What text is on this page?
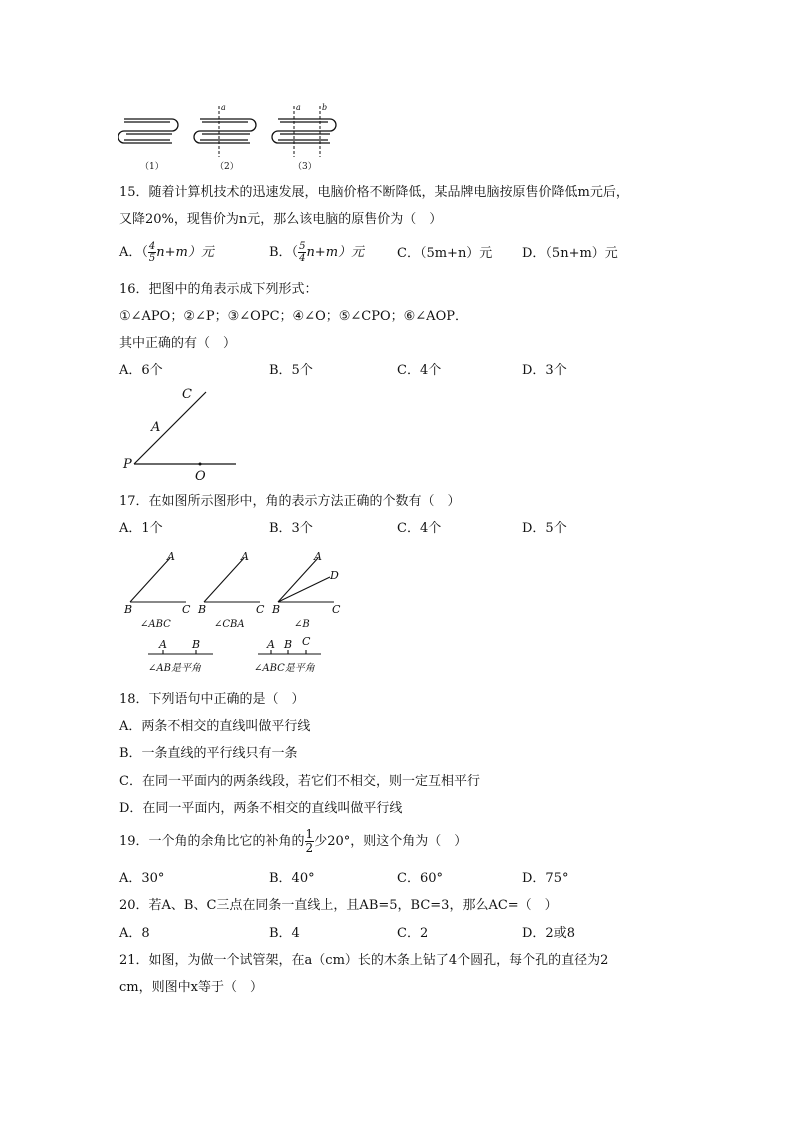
a	a	b
（1）	（2）	（3）
15．随着计算机技术的迅速发展，电脑价格不断降低，某品牌电脑按原售价降低m元后，
又降20%，现售价为n元，那么该电脑的原售价为（　）
A．（ $\frac{4}{5} n+m$）元	B．（ $\frac{5}{4} n+m$）元	C．（5m+n）元 D．（5n+m）元
16．把图中的角表示成下列形式：
①∠APO；②∠P；③∠OPC；④∠O；⑤∠CPO；⑥∠AOP．
其中正确的有（　）
A．6个	B．5个	C．4个	D．3个
C
A
P
O
17．在如图所示图形中，角的表示方法正确的个数有（　）
A．1个	B．3个	C．4个	D．5个
A
B	C
A
B	C
A
D
B	C
A B	A B C
∠ABC	∠CBA	∠B
∠AB是平角	∠ABC是平角
18．下列语句中正确的是（　）
A．两条不相交的直线叫做平行线
B．一条直线的平行线只有一条
C．在同一平面内的两条线段，若它们不相交，则一定互相平行
D．在同一平面内，两条不相交的直线叫做平行线
19．一个角的余角比它的补角的 $\frac{1}{2}$ 少20°，则这个角为（　）
A．30°	B．40°	C．60°	D．75°
20．若A、B、C三点在同条一直线上，且AB=5，BC=3，那么AC=（　）
A．8	B．4	C．2	D．2或8
21．如图，为做一个试管架，在a（cm）长的木条上钻了4个圆孔，每个孔的直径为2
cm，则图中x等于（　）
